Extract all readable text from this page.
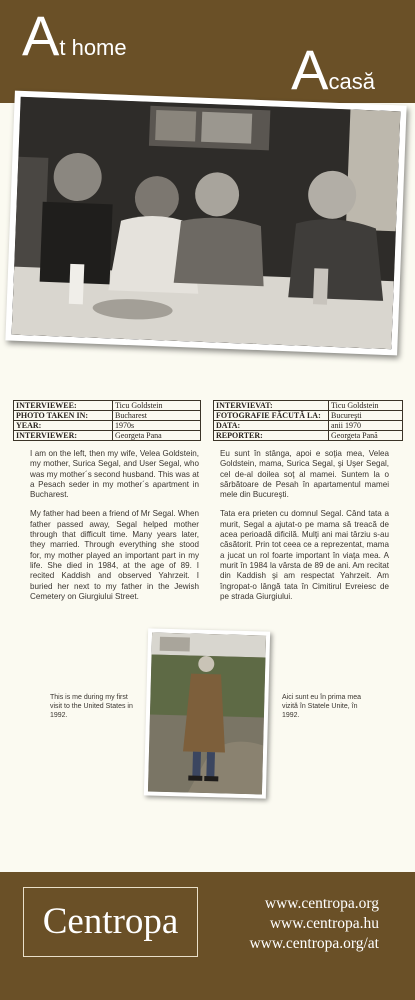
At home	Acasă
INTERVIEWEE:	Ticu Goldstein
PHOTO TAKEN IN:	Bucharest
YEAR:	1970s
INTERVIEWER:	Georgeta Pana
INTERVIEVAT:	Ticu Goldstein
FOTOGRAFIE FĂCUTĂ LA:	Bucureşti
DATA:	anii 1970
REPORTER:	Georgeta Pană

I am on the left, then my wife, Velea Goldstein, my mother, Surica Segal, and User Segal, who was my mother´s second husband. This was at a Pesach seder in my mother´s apartment in Bucharest.

My father had been a friend of Mr Segal. When father passed away, Segal helped mother through that difficult time. Many years later, they married. Through everything she stood for, my mother played an important part in my life. She died in 1984, at the age of 89. I recited Kaddish and observed Yahrzeit. I buried her next to my father in the Jewish Cemetery on Giurgiului Street.

Eu sunt în stânga, apoi e soţia mea, Velea Goldstein, mama, Surica Segal, şi Uşer Segal, cel de-al doilea soţ al mamei. Suntem la o sărbătoare de Pesah în apartamentul mamei mele din Bucureşti.

Tata era prieten cu domnul Segal. Când tata a murit, Segal a ajutat-o pe mama să treacă de acea perioadă dificilă. Mulţi ani mai târziu s-au căsătorit. Prin tot ceea ce a reprezentat, mama a jucat un rol foarte important în viaţa mea. A murit în 1984 la vârsta de 89 de ani. Am recitat din Kaddish şi am respectat Yahrzeit. Am îngropat-o lângă tata în Cimitirul Evreiesc de pe strada Giurgiului.

This is me during my first visit to the United States in 1992.
Aici sunt eu în prima mea vizită în Statele Unite, în 1992.
Centropa	www.centropa.org
www.centropa.hu
www.centropa.org/at
